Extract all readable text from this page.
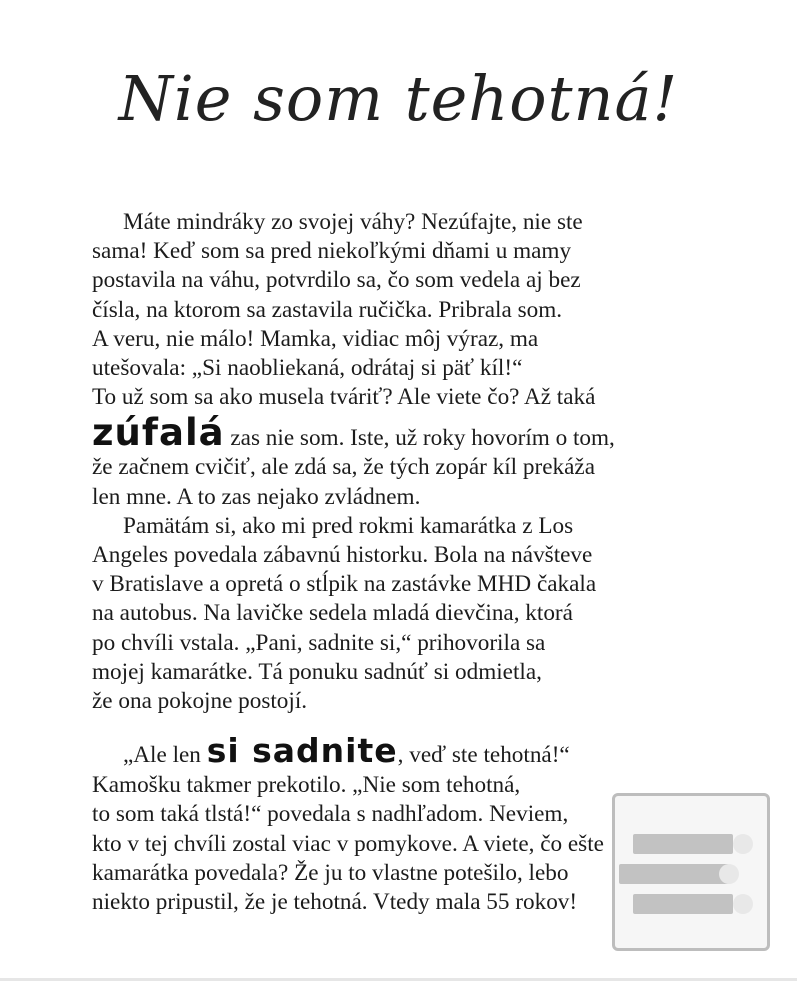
Nie som tehotná!
Máte mindráky zo svojej váhy? Nezúfajte, nie ste
sama! Keď som sa pred niekoľkými dňami u mamy
postavila na váhu, potvrdilo sa, čo som vedela aj bez
čísla, na ktorom sa zastavila ručička. Pribrala som.
A veru, nie málo! Mamka, vidiac môj výraz, ma
utešovala: „Si naobliekaná, odrátaj si päť kíl!“
To už som sa ako musela tváriť? Ale viete čo? Až taká
zúfalá zas nie som. Iste, už roky hovorím o tom,
že začnem cvičiť, ale zdá sa, že tých zopár kíl prekáža
len mne. A to zas nejako zvládnem.
Pamätám si, ako mi pred rokmi kamarátka z Los
Angeles povedala zábavnú historku. Bola na návšteve
v Bratislave a opretá o stĺpik na zastávke MHD čakala
na autobus. Na lavičke sedela mladá dievčina, ktorá
po chvíli vstala. „Pani, sadnite si,“ prihovorila sa
mojej kamarátke. Tá ponuku sadnúť si odmietla,
že ona pokojne postojí.
„Ale len si sadnite, veď ste tehotná!“
Kamošku takmer prekotilo. „Nie som tehotná,
to som taká tlstá!“ povedala s nadhľadom. Neviem,
kto v tej chvíli zostal viac v pomykove. A viete, čo ešte
kamarátka povedala? Že ju to vlastne potešilo, lebo
niekto pripustil, že je tehotná. Vtedy mala 55 rokov!
